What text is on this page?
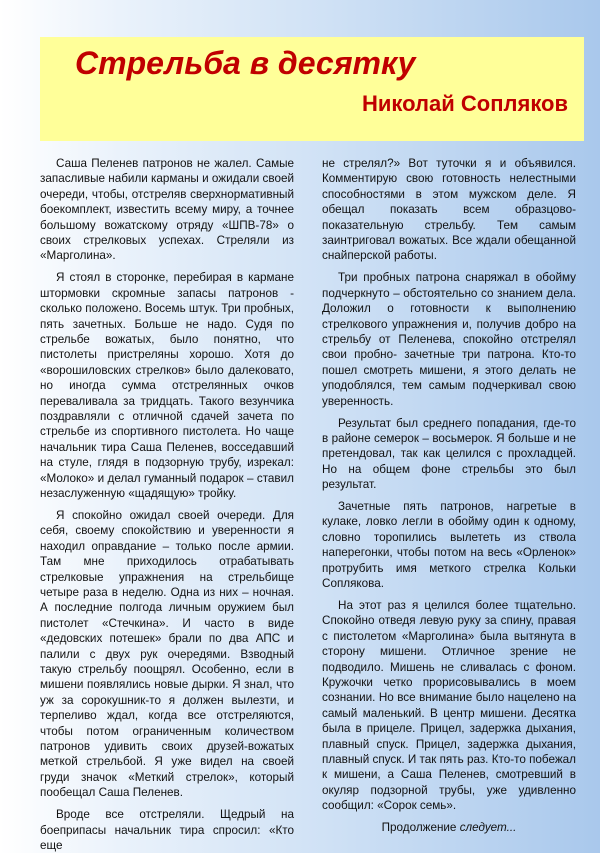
Стрельба в десятку
Николай Сопляков

Саша Пеленев патронов не жалел. Самые запасливые набили карманы и ожидали своей очереди, чтобы, отстреляв сверхнормативный боекомплект, известить всему миру, а точнее большому вожатскому отряду «ШПВ-78» о своих стрелковых успехах. Стреляли из «Марголина».

Я стоял в сторонке, перебирая в кармане штормовки скромные запасы патронов - сколько положено. Восемь штук. Три пробных, пять зачетных. Больше не надо. Судя по стрельбе вожатых, было понятно, что пистолеты пристреляны хорошо. Хотя до «ворошиловских стрелков» было далековато, но иногда сумма отстрелянных очков переваливала за тридцать. Такого везунчика поздравляли с отличной сдачей зачета по стрельбе из спортивного пистолета. Но чаще начальник тира Саша Пеленев, восседавший на стуле, глядя в подзорную трубу, изрекал: «Молоко» и делал гуманный подарок – ставил незаслуженную «щадящую» тройку.

Я спокойно ожидал своей очереди. Для себя, своему спокойствию и уверенности я находил оправдание – только после армии. Там мне приходилось отрабатывать стрелковые упражнения на стрельбище четыре раза в неделю. Одна из них – ночная. А последние полгода личным оружием был пистолет «Стечкина». И часто в виде «дедовских потешек» брали по два АПС и палили с двух рук очередями. Взводный такую стрельбу поощрял. Особенно, если в мишени появлялись новые дырки. Я знал, что уж за сорокушник-то я должен вылезти, и терпеливо ждал, когда все отстреляются, чтобы потом ограниченным количеством патронов удивить своих друзей-вожатых меткой стрельбой. Я уже видел на своей груди значок «Меткий стрелок», который пообещал Саша Пеленев.

Вроде все отстреляли. Щедрый на боеприпасы начальник тира спросил: «Кто еще

не стрелял?» Вот туточки я и объявился. Комментирую свою готовность нелестными способностями в этом мужском деле. Я обещал показать всем образцово- показательную стрельбу. Тем самым заинтриговал вожатых. Все ждали обещанной снайперской работы.

Три пробных патрона снаряжал в обойму подчеркнуто – обстоятельно со знанием дела. Доложил о готовности к выполнению стрелкового упражнения и, получив добро на стрельбу от Пеленева, спокойно отстрелял свои пробно- зачетные три патрона. Кто-то пошел смотреть мишени, я этого делать не уподоблялся, тем самым подчеркивал свою уверенность.

Результат был среднего попадания, где-то в районе семерок – восьмерок. Я больше и не претендовал, так как целился с прохладцей. Но на общем фоне стрельбы это был результат.

Зачетные пять патронов, нагретые в кулаке, ловко легли в обойму один к одному, словно торопились вылететь из ствола наперегонки, чтобы потом на весь «Орленок» протрубить имя меткого стрелка Кольки Соплякова.

На этот раз я целился более тщательно. Спокойно отведя левую руку за спину, правая с пистолетом «Марголина» была вытянута в сторону мишени. Отличное зрение не подводило. Мишень не сливалась с фоном. Кружочки четко прорисовывались в моем сознании. Но все внимание было нацелено на самый маленький. В центр мишени. Десятка была в прицеле. Прицел, задержка дыхания, плавный спуск. Прицел, задержка дыхания, плавный спуск. И так пять раз. Кто-то побежал к мишени, а Саша Пеленев, смотревший в окуляр подзорной трубы, уже удивленно сообщил: «Сорок семь».

Продолжение следует...
